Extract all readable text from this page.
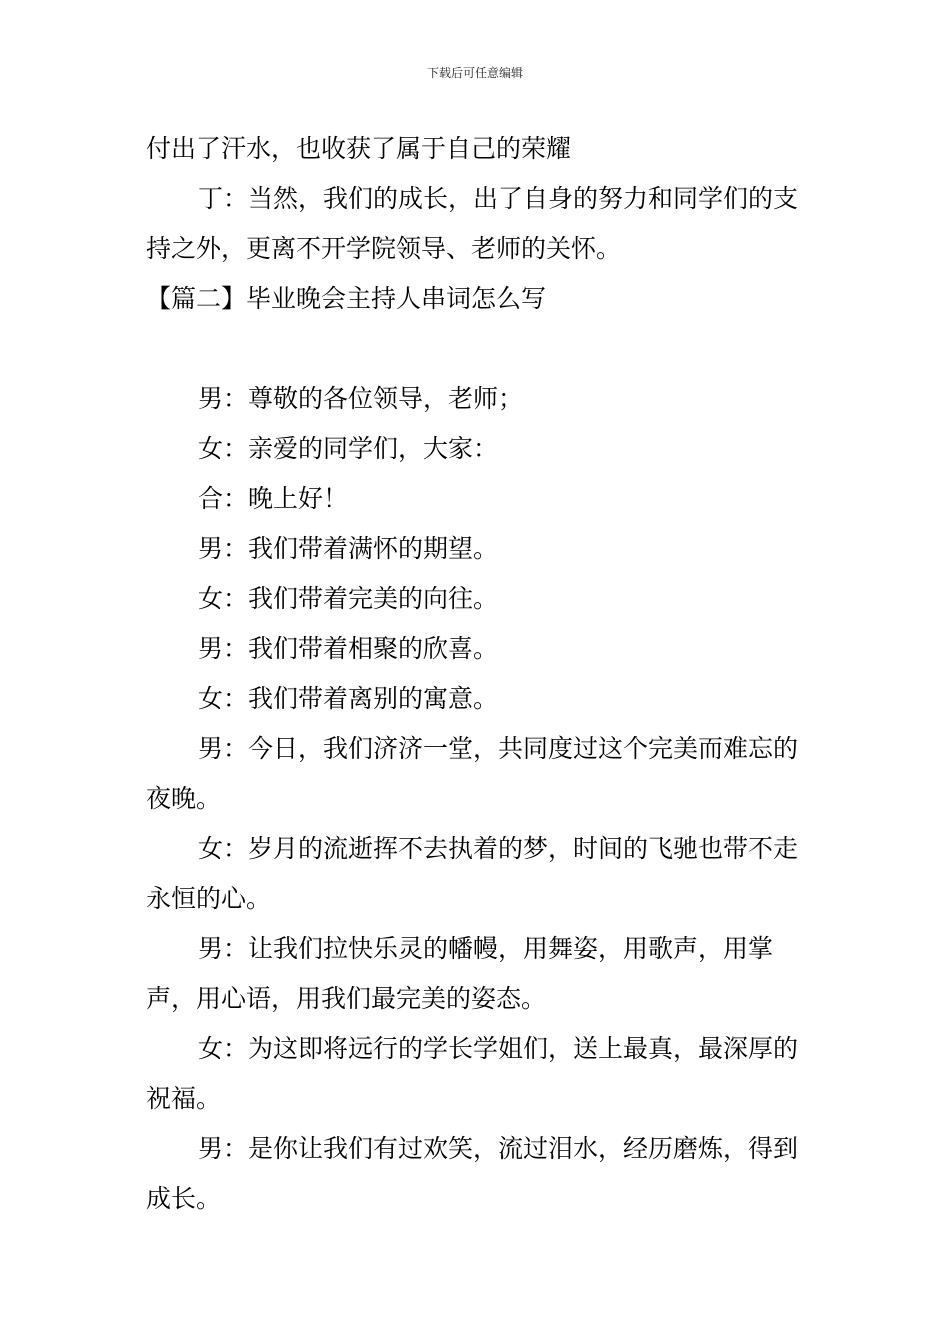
下载后可任意编辑

付出了汗水，也收获了属于自己的荣耀

丁：当然，我们的成长，出了自身的努力和同学们的支持之外，更离不开学院领导、老师的关怀。

【篇二】毕业晚会主持人串词怎么写

男：尊敬的各位领导，老师；

女：亲爱的同学们，大家：

合：晚上好！

男：我们带着满怀的期望。

女：我们带着完美的向往。

男：我们带着相聚的欣喜。

女：我们带着离别的寓意。

男：今日，我们济济一堂，共同度过这个完美而难忘的夜晚。

女：岁月的流逝挥不去执着的梦，时间的飞驰也带不走永恒的心。

男：让我们拉快乐灵的幡幔，用舞姿，用歌声，用掌声，用心语，用我们最完美的姿态。

女：为这即将远行的学长学姐们，送上最真，最深厚的祝福。

男：是你让我们有过欢笑，流过泪水，经历磨炼，得到成长。
